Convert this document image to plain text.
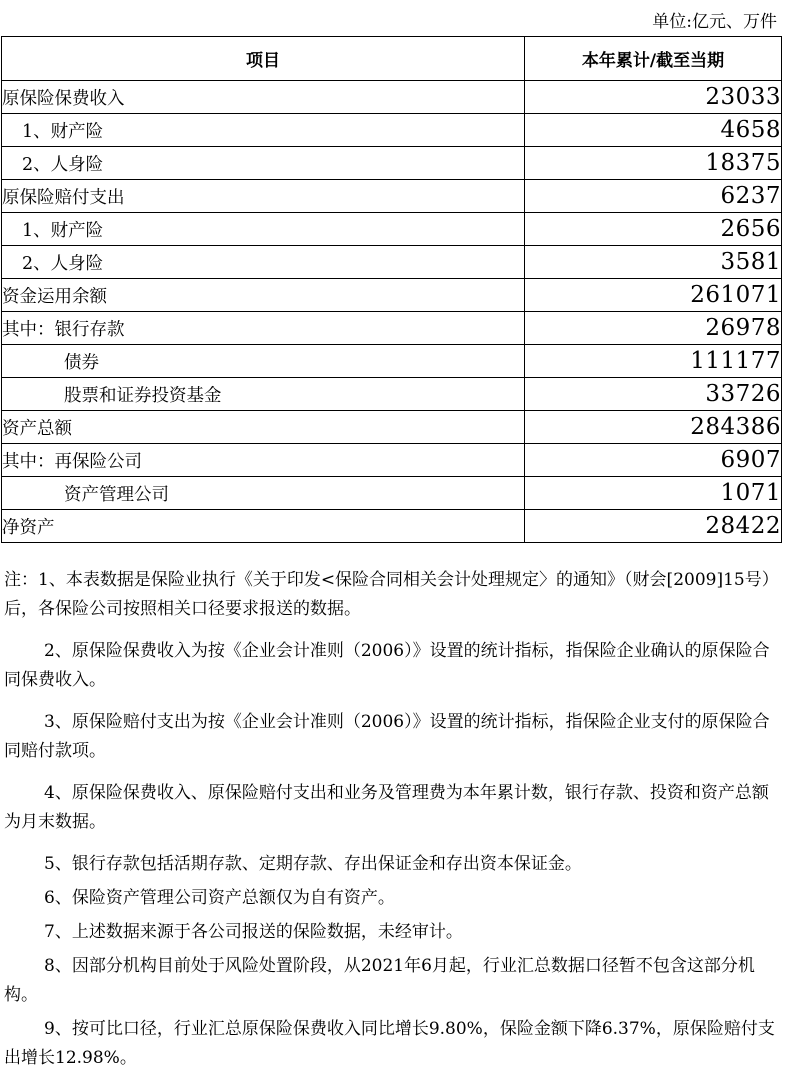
单位:亿元、万件
项目	本年累计/截至当期
原保险保费收入	23033
1、财产险	4658
2、人身险	18375
原保险赔付支出	6237
1、财产险	2656
2、人身险	3581
资金运用余额	261071
其中：银行存款	26978
债券	111177
股票和证券投资基金	33726
资产总额	284386
其中：再保险公司	6907
资产管理公司	1071
净资产	28422

注：1、本表数据是保险业执行《关于印发<保险合同相关会计处理规定〉的通知》（财会[2009]15号）后，各保险公司按照相关口径要求报送的数据。

2、原保险保费收入为按《企业会计准则（2006）》设置的统计指标，指保险企业确认的原保险合同保费收入。

3、原保险赔付支出为按《企业会计准则（2006）》设置的统计指标，指保险企业支付的原保险合同赔付款项。

4、原保险保费收入、原保险赔付支出和业务及管理费为本年累计数，银行存款、投资和资产总额为月末数据。

5、银行存款包括活期存款、定期存款、存出保证金和存出资本保证金。

6、保险资产管理公司资产总额仅为自有资产。

7、上述数据来源于各公司报送的保险数据，未经审计。

8、因部分机构目前处于风险处置阶段，从2021年6月起，行业汇总数据口径暂不包含这部分机构。

9、按可比口径，行业汇总原保险保费收入同比增长9.80%，保险金额下降6.37%，原保险赔付支出增长12.98%。
